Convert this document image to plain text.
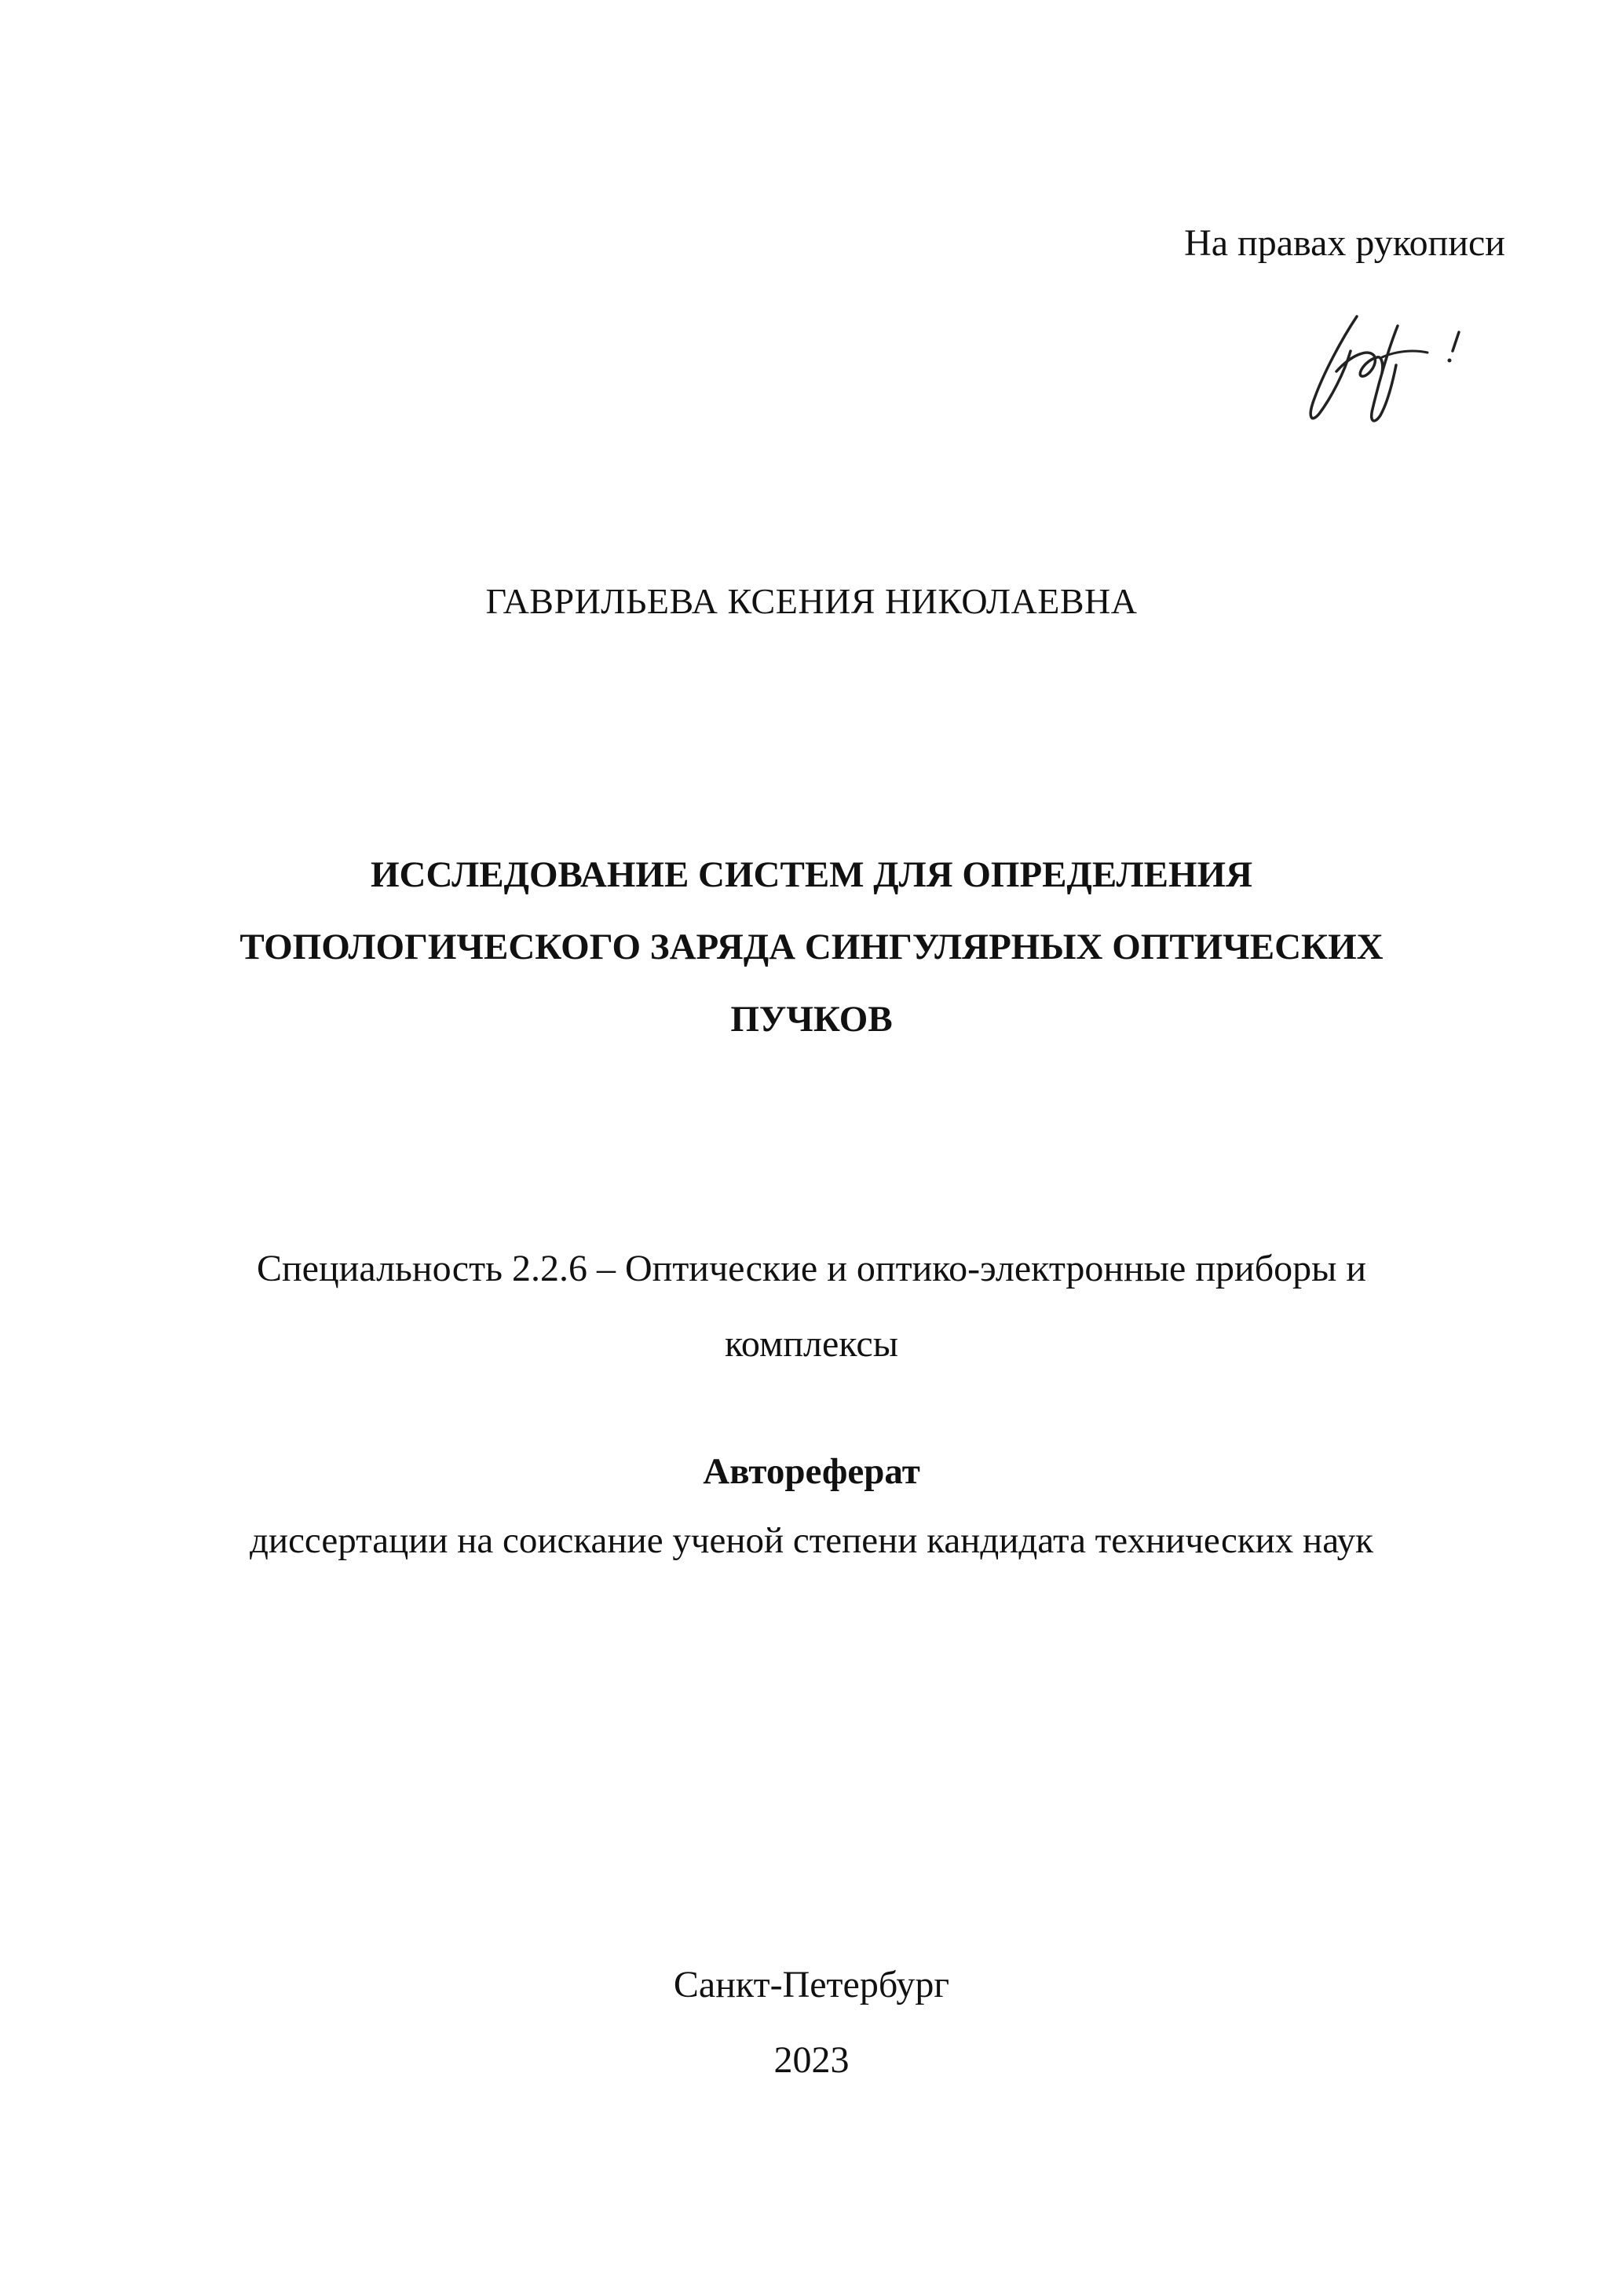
На правах рукописи
ГАВРИЛЬЕВА КСЕНИЯ НИКОЛАЕВНА
ИССЛЕДОВАНИЕ СИСТЕМ ДЛЯ ОПРЕДЕЛЕНИЯ
ТОПОЛОГИЧЕСКОГО ЗАРЯДА СИНГУЛЯРНЫХ ОПТИЧЕСКИХ
ПУЧКОВ
Специальность 2.2.6 – Оптические и оптико-электронные приборы и
комплексы
Автореферат
диссертации на соискание ученой степени кандидата технических наук
Санкт-Петербург
2023
